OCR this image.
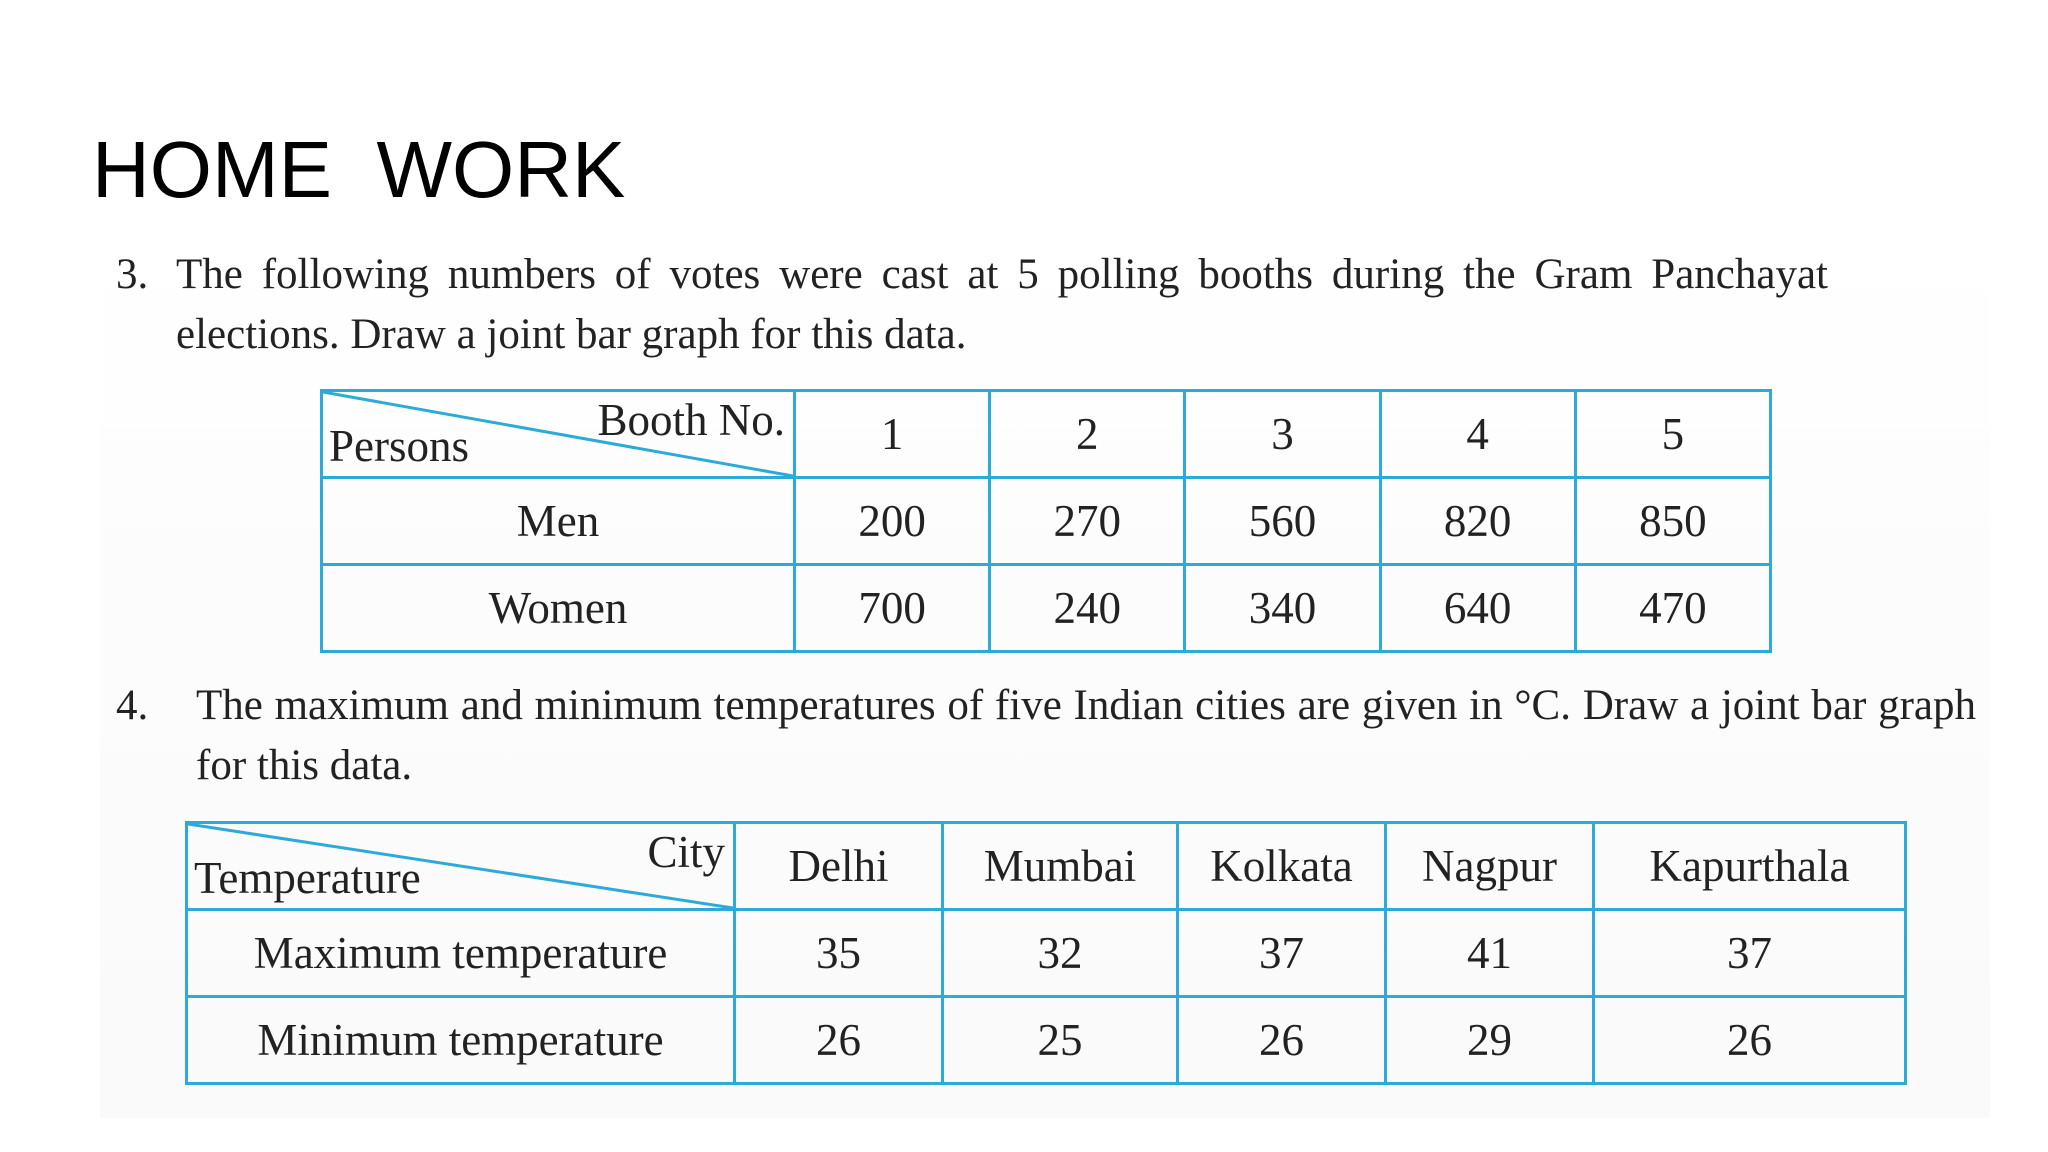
HOME  WORK
3. The following numbers of votes were cast at 5 polling booths during the Gram Panchayat elections. Draw a joint bar graph for this data.
Booth No.
Persons	1	2	3	4	5
Men	200	270	560	820	850
Women	700	240	340	640	470
4. The maximum and minimum temperatures of five Indian cities are given in °C. Draw a joint bar graph for this data.
City
Temperature	Delhi	Mumbai	Kolkata	Nagpur	Kapurthala
Maximum temperature	35	32	37	41	37
Minimum temperature	26	25	26	29	26
